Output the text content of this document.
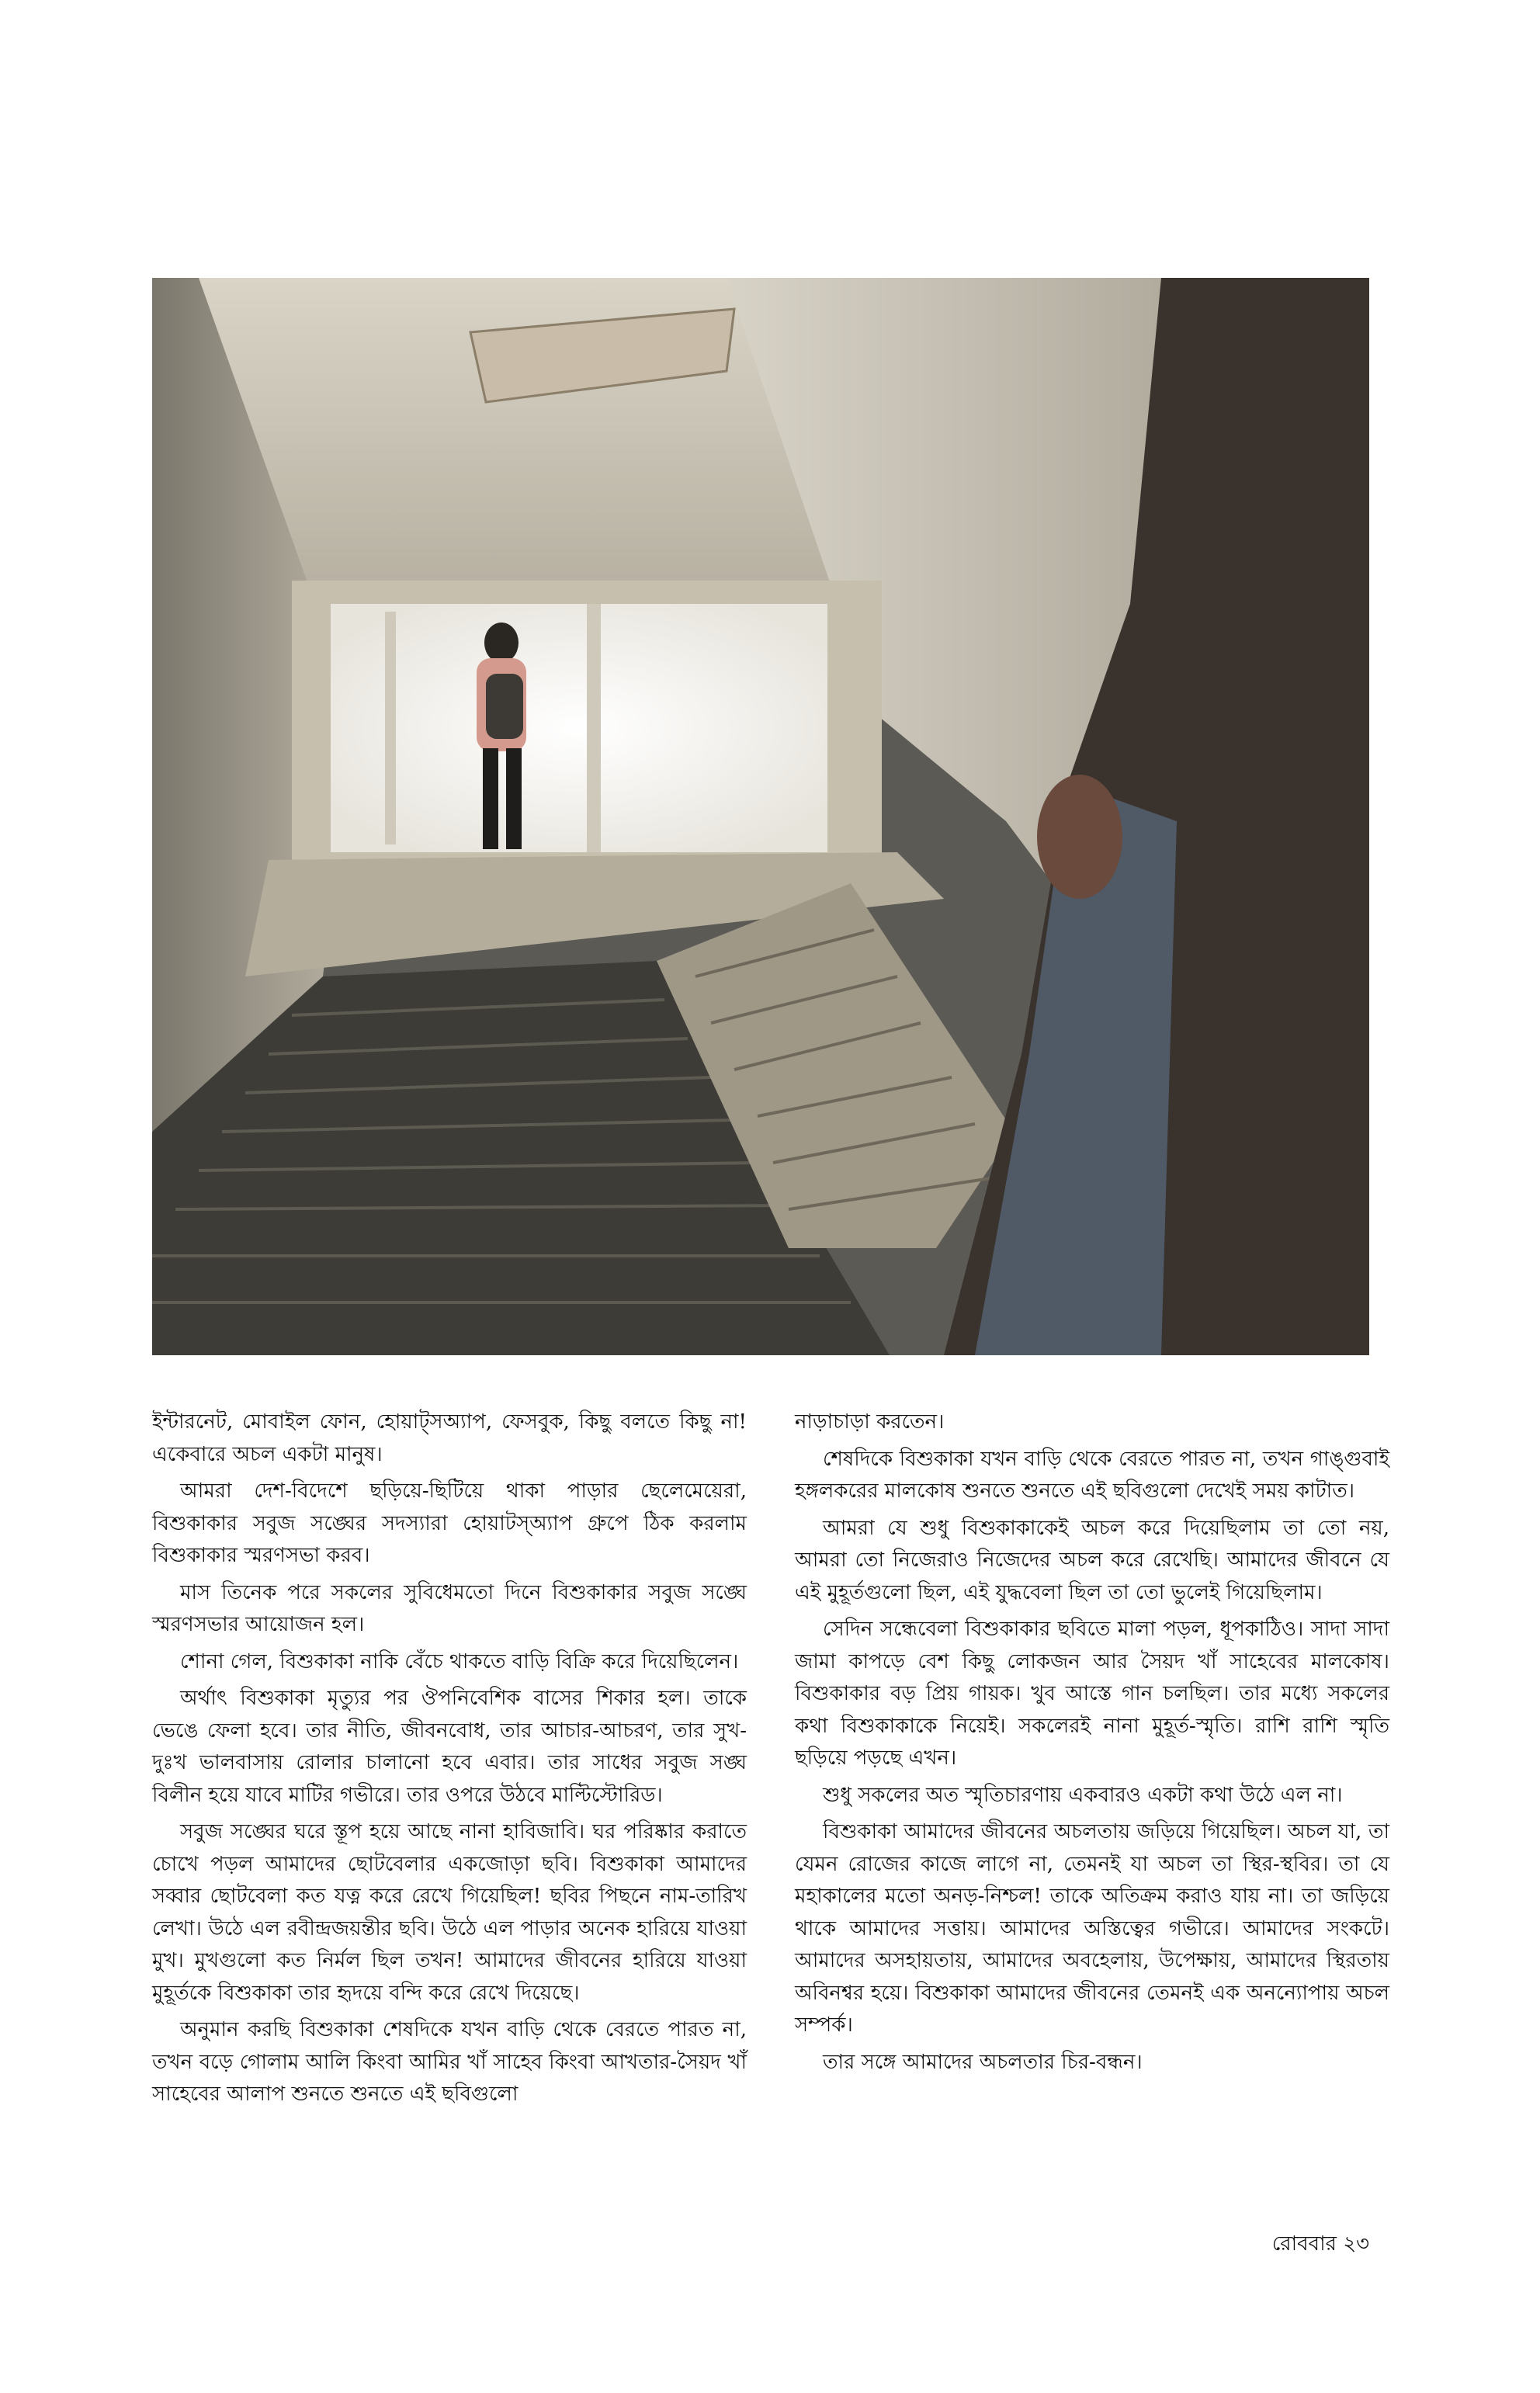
ইন্টারনেট, মোবাইল ফোন, হোয়াট্‌সঅ্যাপ, ফেসবুক, কিছু বলতে কিছু না! একেবারে অচল একটা মানুষ।

আমরা দেশ-বিদেশে ছড়িয়ে-ছিটিয়ে থাকা পাড়ার ছেলেমেয়েরা, বিশুকাকার সবুজ সঙ্ঘের সদস্যারা হোয়াটস্‌অ্যাপ গ্রুপে ঠিক করলাম বিশুকাকার স্মরণসভা করব।

মাস তিনেক পরে সকলের সুবিধেমতো দিনে বিশুকাকার সবুজ সঙ্ঘে স্মরণসভার আয়োজন হল।

শোনা গেল, বিশুকাকা নাকি বেঁচে থাকতে বাড়ি বিক্রি করে দিয়েছিলেন।

অর্থাৎ বিশুকাকা মৃত্যুর পর ঔপনিবেশিক বাসের শিকার হল। তাকে ভেঙে ফেলা হবে। তার নীতি, জীবনবোধ, তার আচার-আচরণ, তার সুখ-দুঃখ ভালবাসায় রোলার চালানো হবে এবার। তার সাধের সবুজ সঙ্ঘ বিলীন হয়ে যাবে মাটির গভীরে। তার ওপরে উঠবে মাল্টিস্টোরিড।

সবুজ সঙ্ঘের ঘরে স্তূপ হয়ে আছে নানা হাবিজাবি। ঘর পরিষ্কার করাতে চোখে পড়ল আমাদের ছোটবেলার একজোড়া ছবি। বিশুকাকা আমাদের সব্বার ছোটবেলা কত যত্ন করে রেখে গিয়েছিল! ছবির পিছনে নাম-তারিখ লেখা। উঠে এল রবীন্দ্রজয়ন্তীর ছবি। উঠে এল পাড়ার অনেক হারিয়ে যাওয়া মুখ। মুখগুলো কত নির্মল ছিল তখন! আমাদের জীবনের হারিয়ে যাওয়া মুহূর্তকে বিশুকাকা তার হৃদয়ে বন্দি করে রেখে দিয়েছে।

অনুমান করছি বিশুকাকা শেষদিকে যখন বাড়ি থেকে বেরতে পারত না, তখন বড়ে গোলাম আলি কিংবা আমির খাঁ সাহেব কিংবা আখতার-সৈয়দ খাঁ সাহেবের আলাপ শুনতে শুনতে এই ছবিগুলো

নাড়াচাড়া করতেন।

শেষদিকে বিশুকাকা যখন বাড়ি থেকে বেরতে পারত না, তখন গাঙ্গুবাই হঙ্গলকরের মালকোষ শুনতে শুনতে এই ছবিগুলো দেখেই সময় কাটাত।

আমরা যে শুধু বিশুকাকাকেই অচল করে দিয়েছিলাম তা তো নয়, আমরা তো নিজেরাও নিজেদের অচল করে রেখেছি। আমাদের জীবনে যে এই মুহূর্তগুলো ছিল, এই যুদ্ধবেলা ছিল তা তো ভুলেই গিয়েছিলাম।

সেদিন সন্ধেবেলা বিশুকাকার ছবিতে মালা পড়ল, ধূপকাঠিও। সাদা সাদা জামা কাপড়ে বেশ কিছু লোকজন আর সৈয়দ খাঁ সাহেবের মালকোষ। বিশুকাকার বড় প্রিয় গায়ক। খুব আস্তে গান চলছিল। তার মধ্যে সকলের কথা বিশুকাকাকে নিয়েই। সকলেরই নানা মুহূর্ত-স্মৃতি। রাশি রাশি স্মৃতি ছড়িয়ে পড়ছে এখন।

শুধু সকলের অত স্মৃতিচারণায় একবারও একটা কথা উঠে এল না।

বিশুকাকা আমাদের জীবনের অচলতায় জড়িয়ে গিয়েছিল। অচল যা, তা যেমন রোজের কাজে লাগে না, তেমনই যা অচল তা স্থির-স্থবির। তা যে মহাকালের মতো অনড়-নিশ্চল! তাকে অতিক্রম করাও যায় না। তা জড়িয়ে থাকে আমাদের সত্তায়। আমাদের অস্তিত্বের গভীরে। আমাদের সংকটে। আমাদের অসহায়তায়, আমাদের অবহেলায়, উপেক্ষায়, আমাদের স্থিরতায় অবিনশ্বর হয়ে। বিশুকাকা আমাদের জীবনের তেমনই এক অনন্যোপায় অচল সম্পর্ক।

তার সঙ্গে আমাদের অচলতার চির-বন্ধন।

রোববার ২৩
